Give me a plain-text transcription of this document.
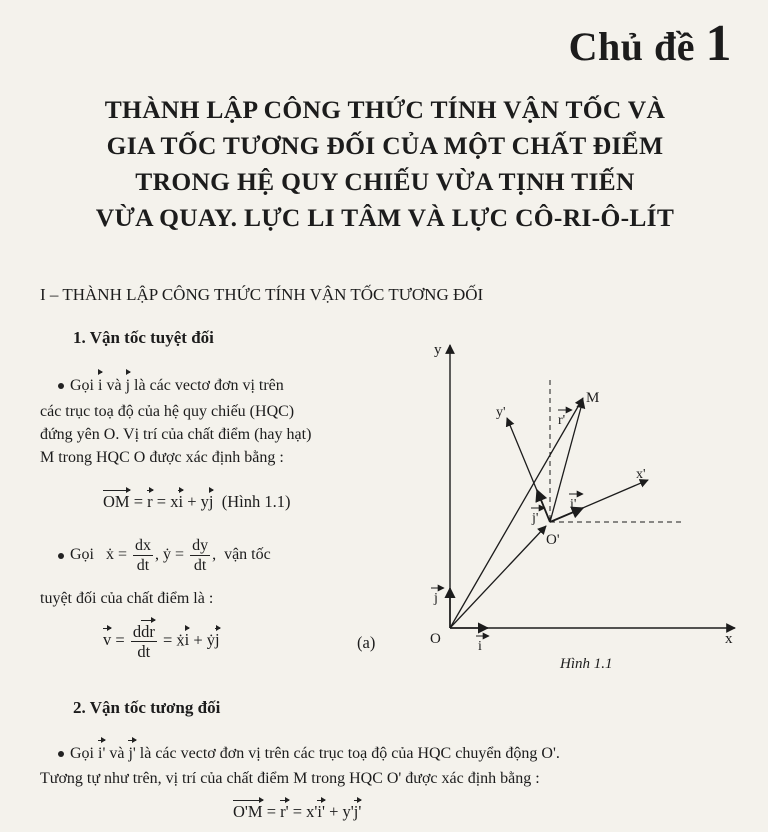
Chủ đề 1
THÀNH LẬP CÔNG THỨC TÍNH VẬN TỐC VÀ
GIA TỐC TƯƠNG ĐỐI CỦA MỘT CHẤT ĐIỂM
TRONG HỆ QUY CHIẾU VỪA TỊNH TIẾN
VỪA QUAY. LỰC LI TÂM VÀ LỰC CÔ-RI-Ô-LÍT
I – THÀNH LẬP CÔNG THỨC TÍNH VẬN TỐC TƯƠNG ĐỐI
1. Vận tốc tuyệt đối
Gọi i và j là các vectơ đơn vị trên
các trục toạ độ của hệ quy chiếu (HQC)
đứng yên O. Vị trí của chất điểm (hay hạt)
M trong HQC O được xác định bằng :
OM = r = xi + yj (Hình 1.1)
Gọi ẋ = $\frac{dx}{dt}$ , ẏ = $\frac{dy}{dt}$ ,  vận tốc
tuyệt đối của chất điểm là :
$v = \frac{\text{ddr}}{dt}$ = ẋi + ẏj	(a)
y
x
O
O'
M
x'
y'
r'
i'
j'
i
j
Hình 1.1
2. Vận tốc tương đối
Gọi i' và j' là các vectơ đơn vị trên các trục toạ độ của HQC chuyển động O'.
Tương tự như trên, vị trí của chất điểm M trong HQC O' được xác định bằng :
O'M = r' = x'i' + y'j'
